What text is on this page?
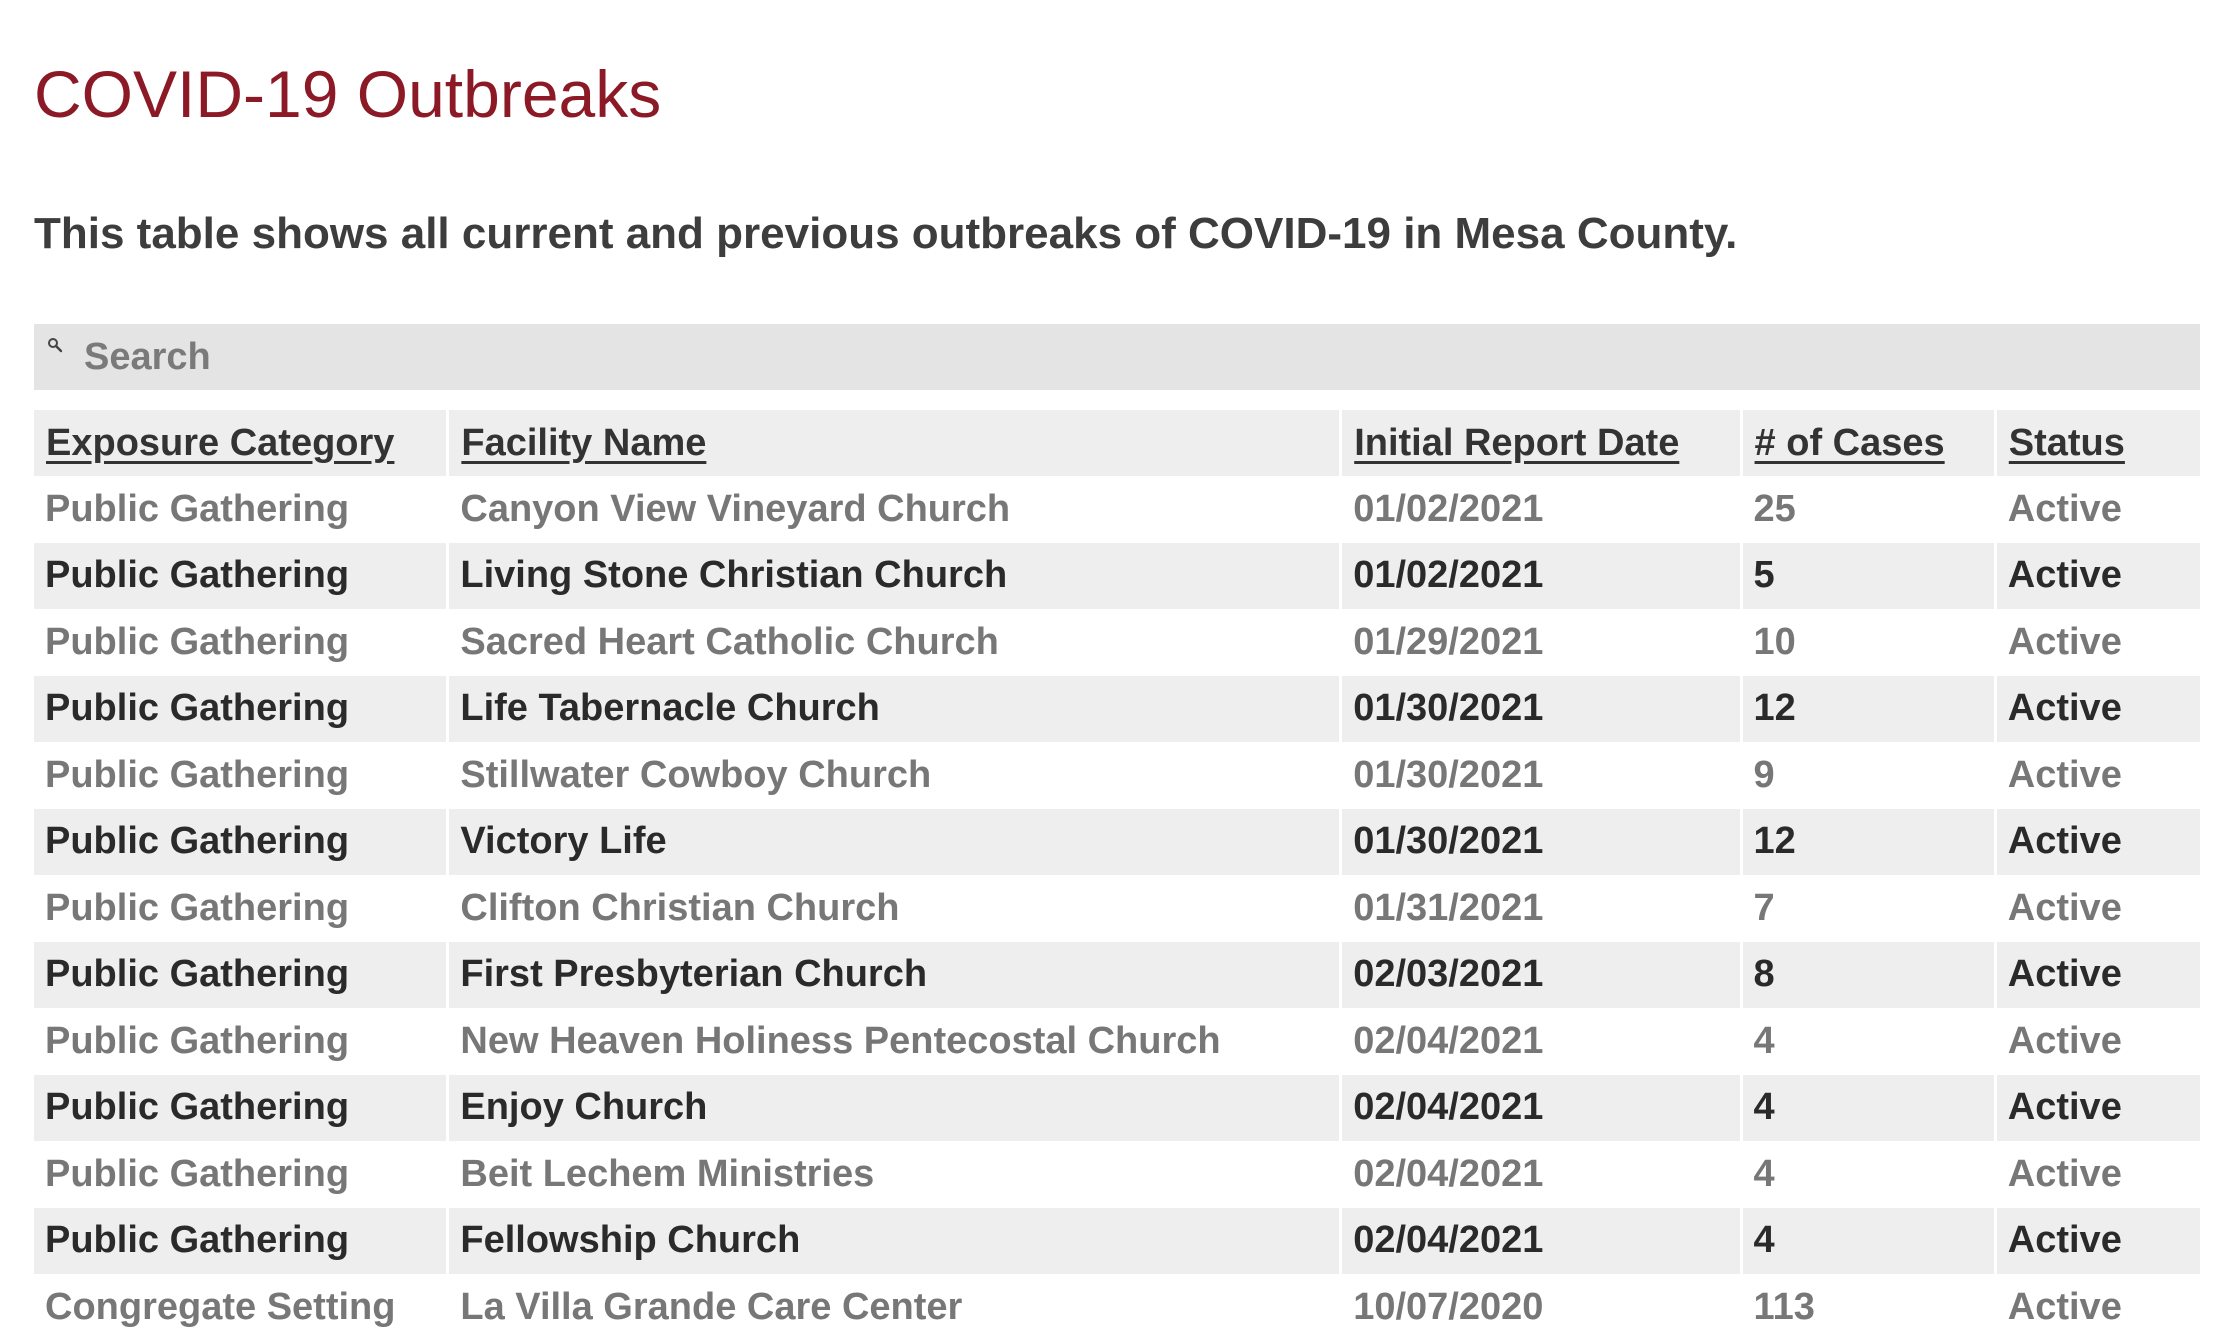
COVID-19 Outbreaks

This table shows all current and previous outbreaks of COVID-19 in Mesa County.

Search
Exposure Category	Facility Name	Initial Report Date	# of Cases	Status
Public Gathering	Canyon View Vineyard Church	01/02/2021	25	Active
Public Gathering	Living Stone Christian Church	01/02/2021	5	Active
Public Gathering	Sacred Heart Catholic Church	01/29/2021	10	Active
Public Gathering	Life Tabernacle Church	01/30/2021	12	Active
Public Gathering	Stillwater Cowboy Church	01/30/2021	9	Active
Public Gathering	Victory Life	01/30/2021	12	Active
Public Gathering	Clifton Christian Church	01/31/2021	7	Active
Public Gathering	First Presbyterian Church	02/03/2021	8	Active
Public Gathering	New Heaven Holiness Pentecostal Church	02/04/2021	4	Active
Public Gathering	Enjoy Church	02/04/2021	4	Active
Public Gathering	Beit Lechem Ministries	02/04/2021	4	Active
Public Gathering	Fellowship Church	02/04/2021	4	Active
Congregate Setting	La Villa Grande Care Center	10/07/2020	113	Active
